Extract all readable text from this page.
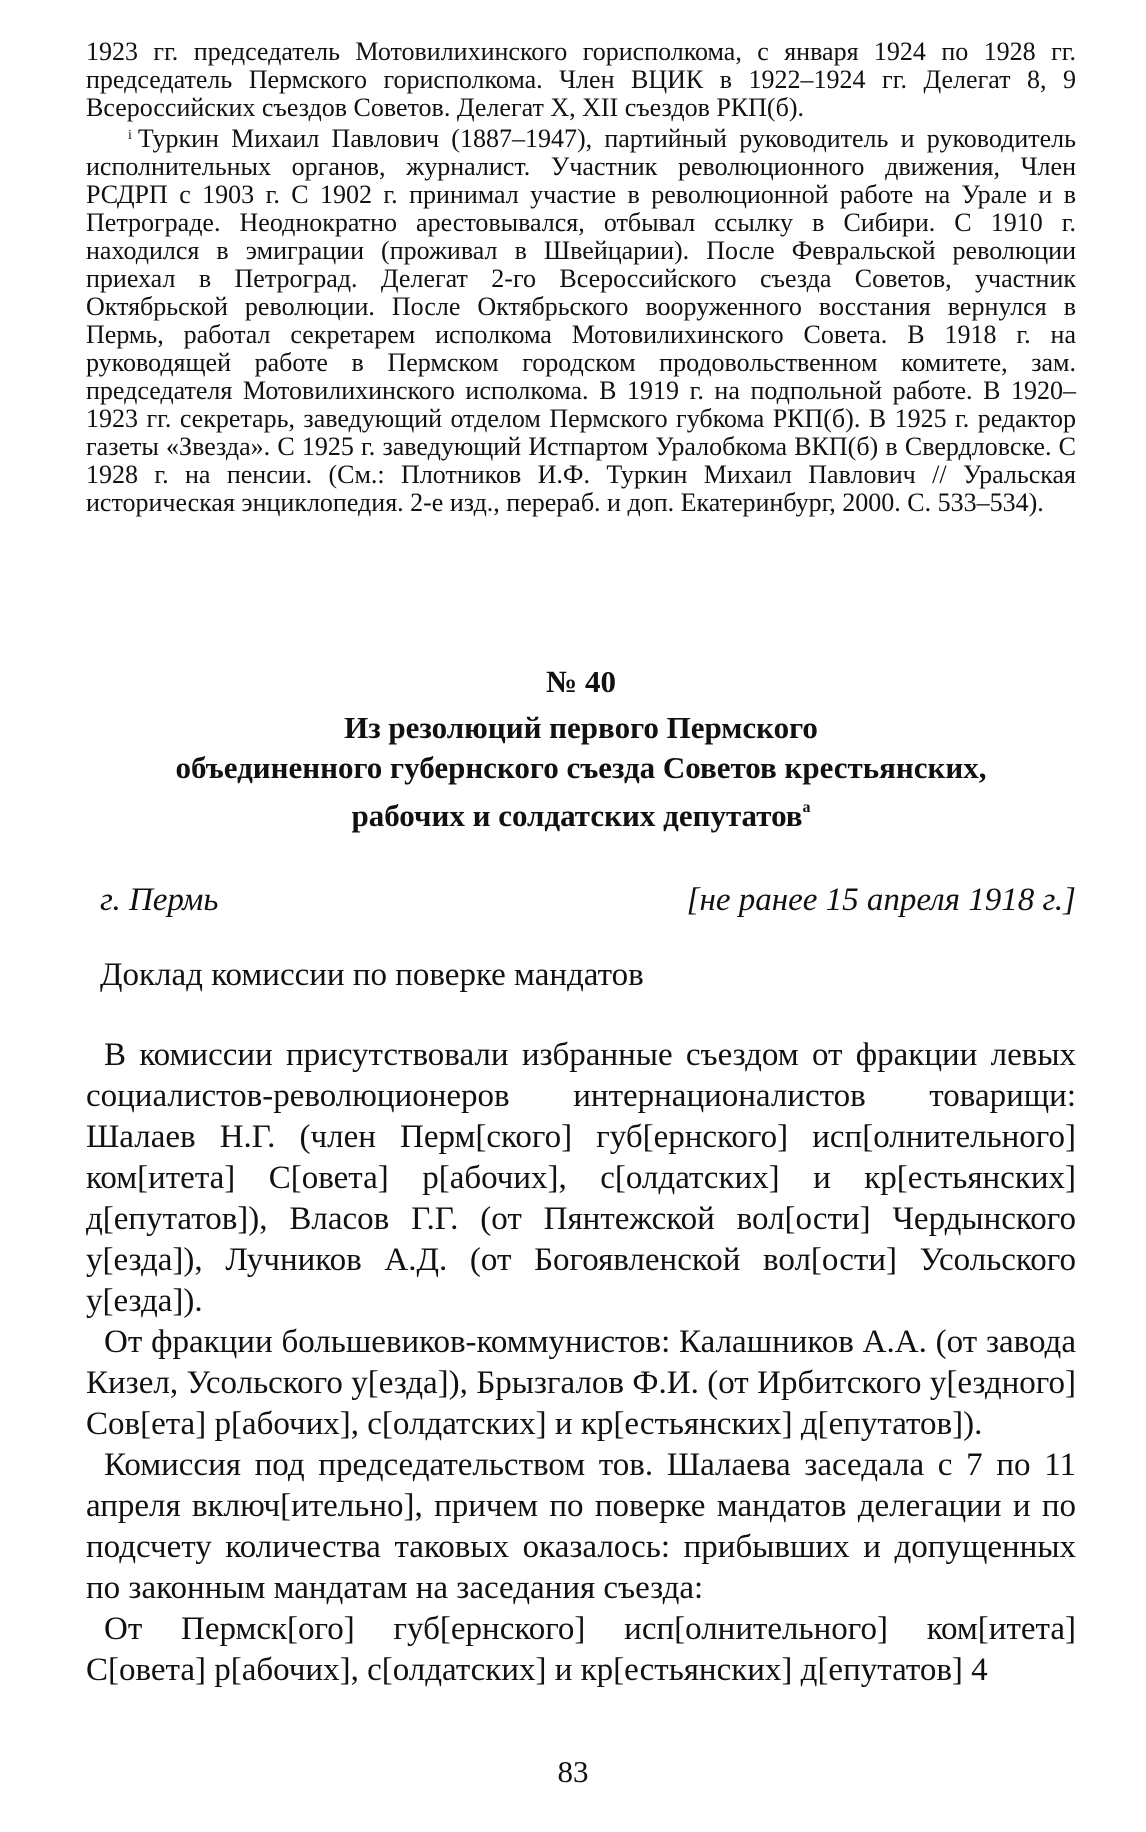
1923 гг. председатель Мотовилихинского горисполкома, с января 1924 по 1928 гг. председатель Пермского горисполкома. Член ВЦИК в 1922–1924 гг. Делегат 8, 9 Всероссийских съездов Советов. Делегат X, XII съездов РКП(б).

$^i$ Туркин Михаил Павлович (1887–1947), партийный руководитель и руководитель исполнительных органов, журналист. Участник революционного движения, Член РСДРП с 1903 г. С 1902 г. принимал участие в революционной работе на Урале и в Петрограде. Неоднократно арестовывался, отбывал ссылку в Сибири. С 1910 г. находился в эмиграции (проживал в Швейцарии). После Февральской революции приехал в Петроград. Делегат 2-го Всероссийского съезда Советов, участник Октябрьской революции. После Октябрьского вооруженного восстания вернулся в Пермь, работал секретарем исполкома Мотовилихинского Совета. В 1918 г. на руководящей работе в Пермском городском продовольственном комитете, зам. председателя Мотовилихинского исполкома. В 1919 г. на подпольной работе. В 1920–1923 гг. секретарь, заведующий отделом Пермского губкома РКП(б). В 1925 г. редактор газеты «Звезда». С 1925 г. заведующий Истпартом Уралобкома ВКП(б) в Свердловске. С 1928 г. на пенсии. (См.: Плотников И.Ф. Туркин Михаил Павлович // Уральская историческая энциклопедия. 2-е изд., перераб. и доп. Екатеринбург, 2000. С. 533–534).

№ 40
Из резолюций первого Пермского
объединенного губернского съезда Советов крестьянских,
рабочих и солдатских депутатов$^а$
г. Пермь	[не ранее 15 апреля 1918 г.]
Доклад комиссии по поверке мандатов

В комиссии присутствовали избранные съездом от фракции левых социалистов-революционеров интернационалистов товарищи: Шалаев Н.Г. (член Перм[ского] губ[ернского] исп[олнительного] ком[итета] С[овета] р[абочих], с[олдатских] и кр[естьянских] д[епутатов]), Власов Г.Г. (от Пянтежской вол[ости] Чердынского у[езда]), Лучников А.Д. (от Богоявленской вол[ости] Усольского у[езда]).

От фракции большевиков-коммунистов: Калашников А.А. (от завода Кизел, Усольского у[езда]), Брызгалов Ф.И. (от Ирбитского у[ездного] Сов[ета] р[абочих], с[олдатских] и кр[естьянских] д[епутатов]).

Комиссия под председательством тов. Шалаева заседала с 7 по 11 апреля включ[ительно], причем по поверке мандатов делегации и по подсчету количества таковых оказалось: прибывших и допущенных по законным мандатам на заседания съезда:

От Пермск[ого] губ[ернского] исп[олнительного] ком[итета] С[овета] р[абочих], с[олдатских] и кр[естьянских] д[епутатов] 4

83
